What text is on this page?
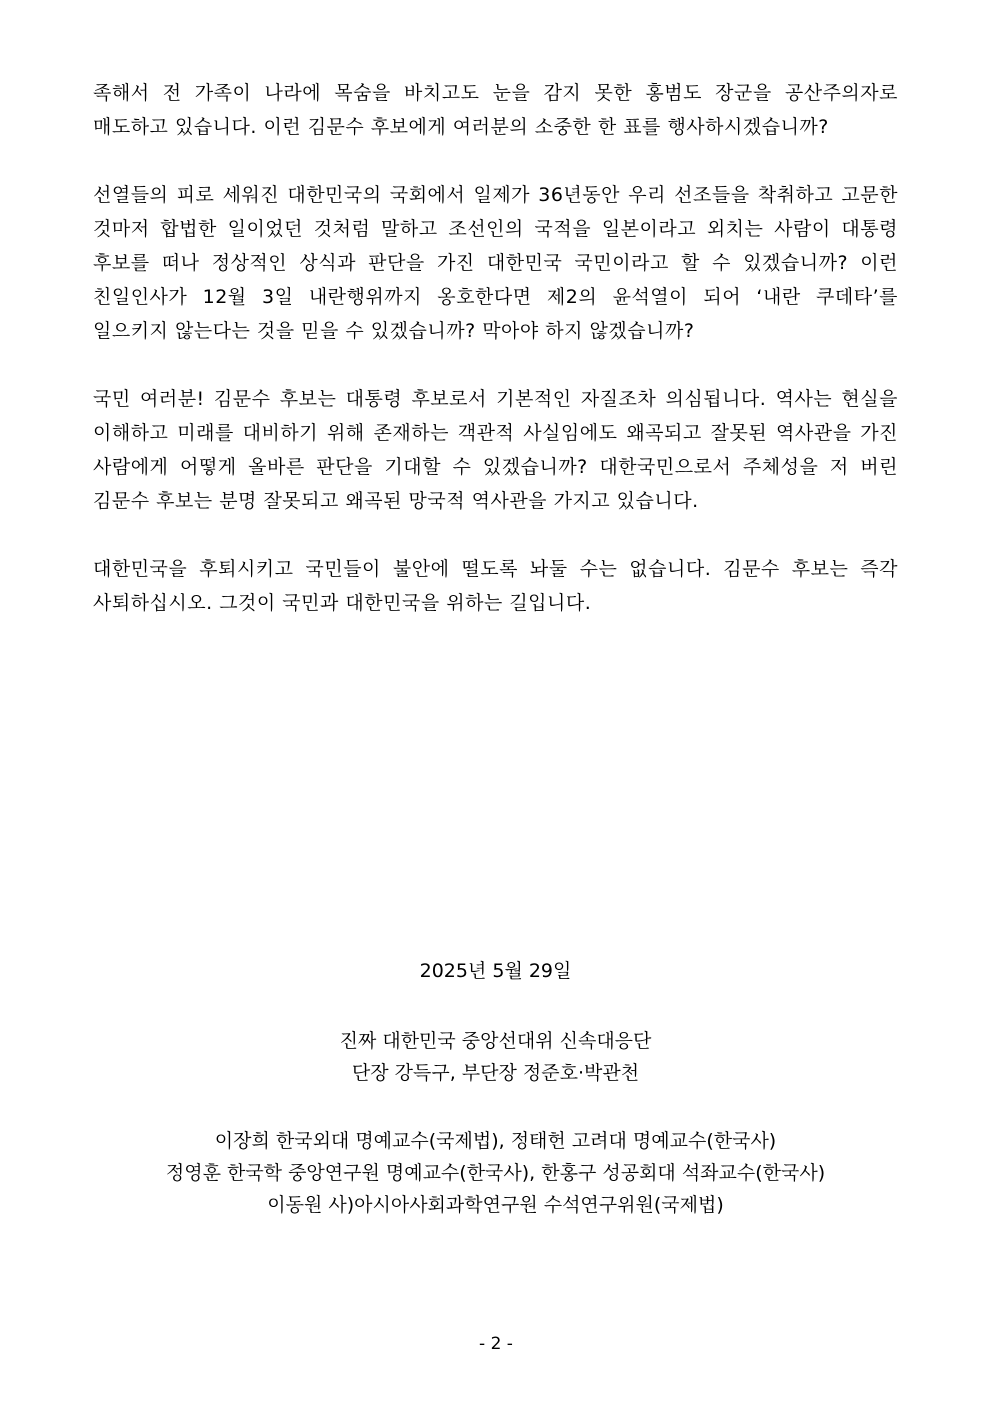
족해서 전 가족이 나라에 목숨을 바치고도 눈을 감지 못한 홍범도 장군을 공산주의자로 매도하고 있습니다. 이런 김문수 후보에게 여러분의 소중한 한 표를 행사하시겠습니까?

선열들의 피로 세워진 대한민국의 국회에서 일제가 36년동안 우리 선조들을 착취하고 고문한 것마저 합법한 일이었던 것처럼 말하고 조선인의 국적을 일본이라고 외치는 사람이 대통령 후보를 떠나 정상적인 상식과 판단을 가진 대한민국 국민이라고 할 수 있겠습니까? 이런 친일인사가 12월 3일 내란행위까지 옹호한다면 제2의 윤석열이 되어 ‘내란 쿠데타’를 일으키지 않는다는 것을 믿을 수 있겠습니까? 막아야 하지 않겠습니까?

국민 여러분! 김문수 후보는 대통령 후보로서 기본적인 자질조차 의심됩니다. 역사는 현실을 이해하고 미래를 대비하기 위해 존재하는 객관적 사실임에도 왜곡되고 잘못된 역사관을 가진 사람에게 어떻게 올바른 판단을 기대할 수 있겠습니까? 대한국민으로서 주체성을 저 버린 김문수 후보는 분명 잘못되고 왜곡된 망국적 역사관을 가지고 있습니다.

대한민국을 후퇴시키고 국민들이 불안에 떨도록 놔둘 수는 없습니다. 김문수 후보는 즉각 사퇴하십시오. 그것이 국민과 대한민국을 위하는 길입니다.

2025년 5월 29일

진짜 대한민국 중앙선대위 신속대응단

단장 강득구, 부단장 정준호·박관천

이장희 한국외대 명예교수(국제법), 정태헌 고려대 명예교수(한국사)

정영훈 한국학 중앙연구원 명예교수(한국사), 한홍구 성공회대 석좌교수(한국사)

이동원 사)아시아사회과학연구원 수석연구위원(국제법)

- 2 -
